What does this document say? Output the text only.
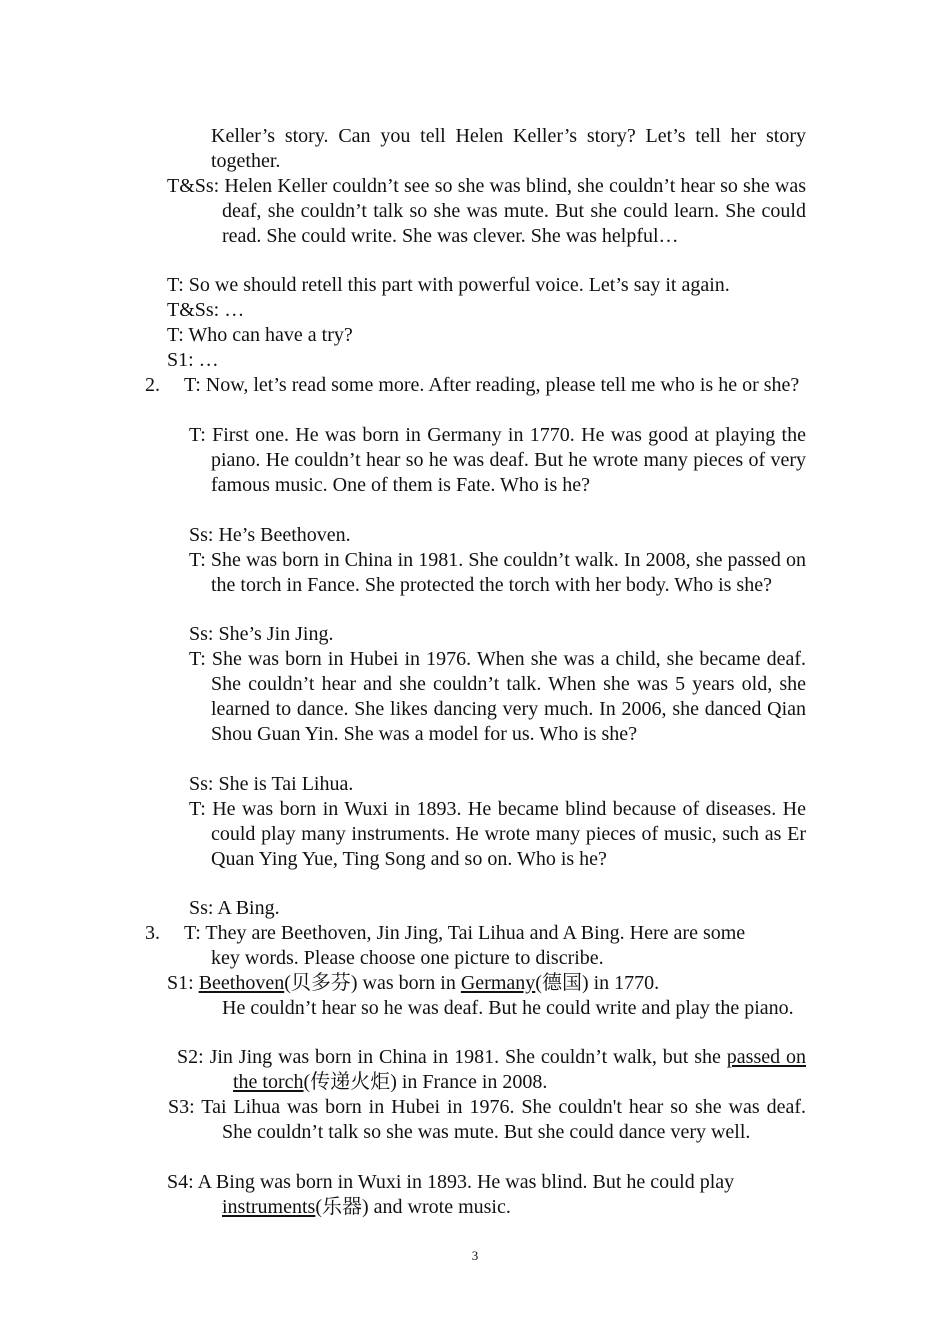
Keller’s story. Can you tell Helen Keller’s story? Let’s tell her story together.

T&Ss: Helen Keller couldn’t see so she was blind, she couldn’t hear so she was deaf, she couldn’t talk so she was mute. But she could learn. She could read. She could write. She was clever. She was helpful…

T: So we should retell this part with powerful voice. Let’s say it again.

T&Ss: …

T: Who can have a try?

S1: …

2. T: Now, let’s read some more. After reading, please tell me who is he or she?

T: First one. He was born in Germany in 1770. He was good at playing the piano. He couldn’t hear so he was deaf. But he wrote many pieces of very famous music. One of them is Fate. Who is he?

Ss: He’s Beethoven.

T: She was born in China in 1981. She couldn’t walk. In 2008, she passed on the torch in Fance. She protected the torch with her body. Who is she?

Ss: She’s Jin Jing.

T: She was born in Hubei in 1976. When she was a child, she became deaf. She couldn’t hear and she couldn’t talk. When she was 5 years old, she learned to dance. She likes dancing very much. In 2006, she danced Qian Shou Guan Yin. She was a model for us. Who is she?

Ss: She is Tai Lihua.

T: He was born in Wuxi in 1893. He became blind because of diseases. He could play many instruments. He wrote many pieces of music, such as Er Quan Ying Yue, Ting Song and so on. Who is he?

Ss: A Bing.

3. T: They are Beethoven, Jin Jing, Tai Lihua and A Bing. Here are some key words. Please choose one picture to discribe.

S1: Beethoven(贝多芬) was born in Germany(德国) in 1770.

He couldn’t hear so he was deaf. But he could write and play the piano.

S2: Jin Jing was born in China in 1981. She couldn’t walk, but she passed on the torch(传递火炬) in France in 2008.

S3: Tai Lihua was born in Hubei in 1976. She couldn't hear so she was deaf. She couldn’t talk so she was mute. But she could dance very well.

S4: A Bing was born in Wuxi in 1893. He was blind. But he could play

instruments(乐器) and wrote music.

3
